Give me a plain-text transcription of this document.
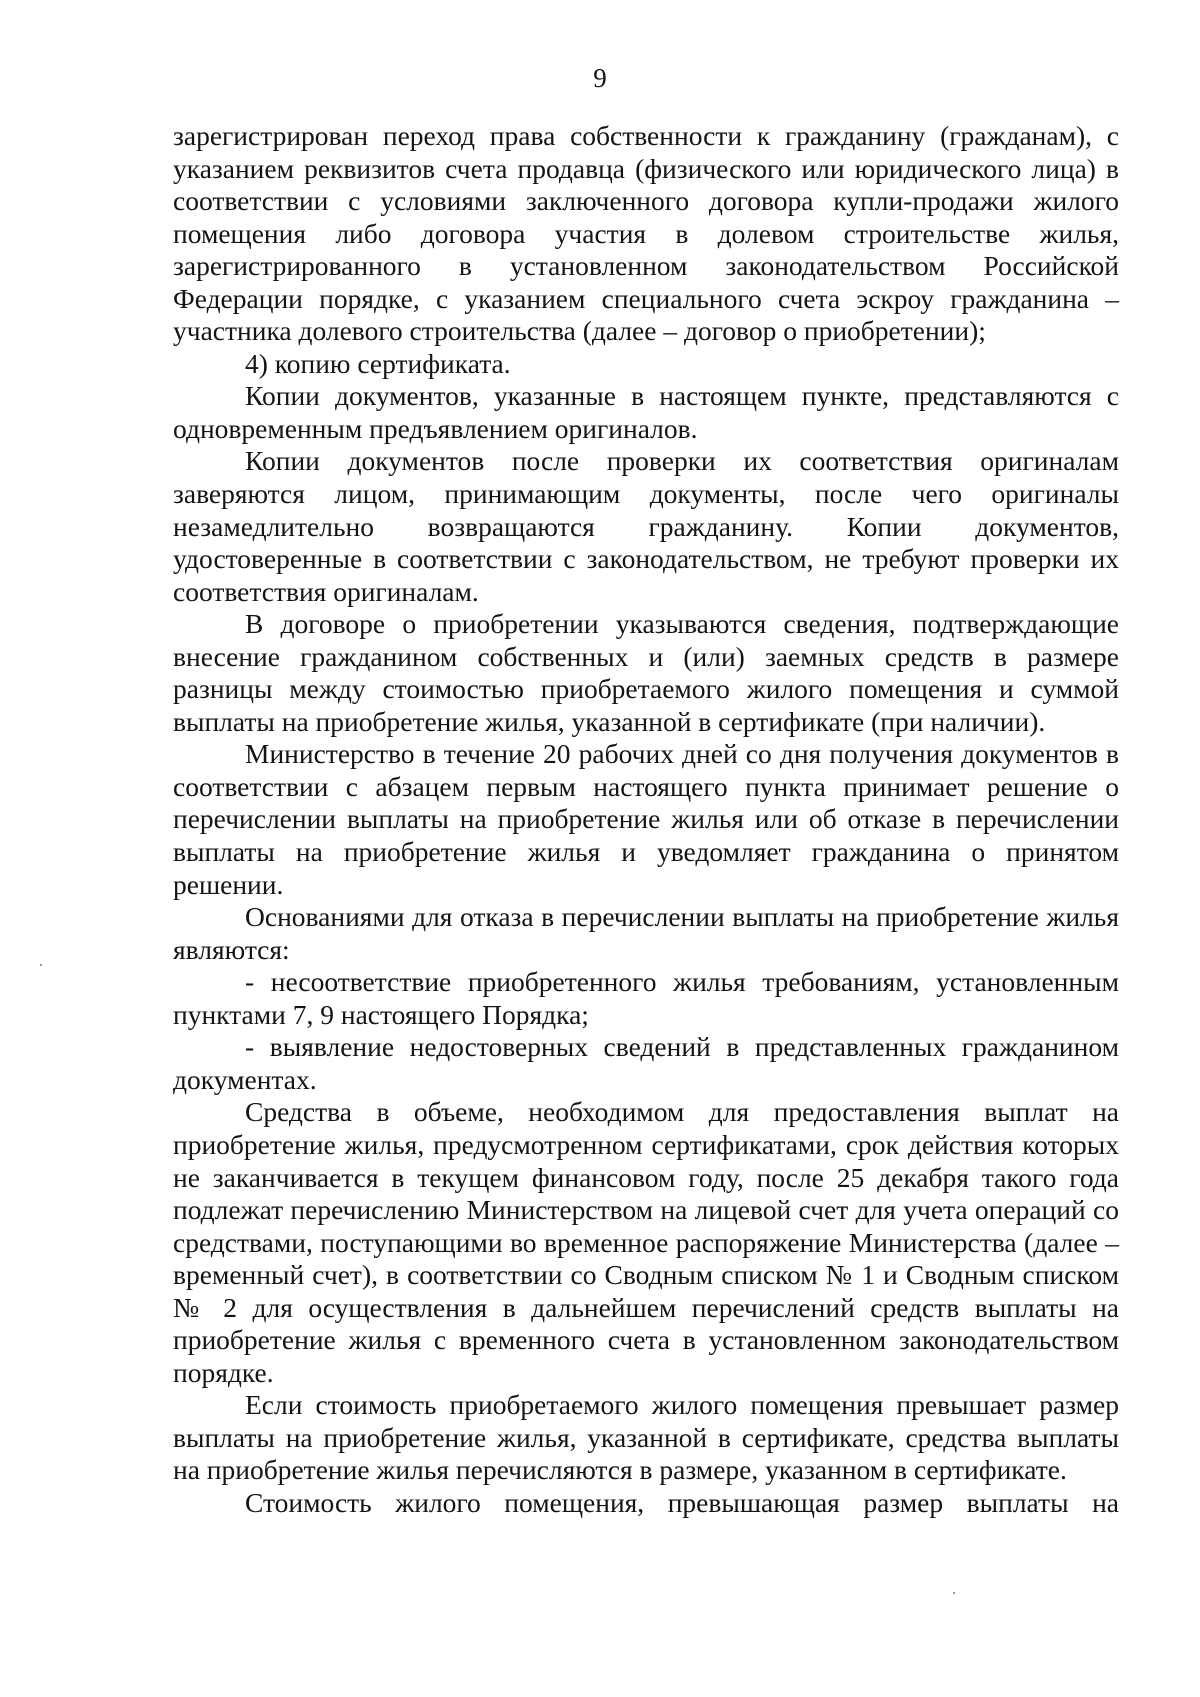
9

зарегистрирован переход права собственности к гражданину (гражданам), с указанием реквизитов счета продавца (физического или юридического лица) в соответствии с условиями заключенного договора купли-продажи жилого помещения либо договора участия в долевом строительстве жилья, зарегистрированного в установленном законодательством Российской Федерации порядке, с указанием специального счета эскроу гражданина – участника долевого строительства (далее – договор о приобретении);

4) копию сертификата.

Копии документов, указанные в настоящем пункте, представляются с одновременным предъявлением оригиналов.

Копии документов после проверки их соответствия оригиналам заверяются лицом, принимающим документы, после чего оригиналы незамедлительно возвращаются гражданину. Копии документов, удостоверенные в соответствии с законодательством, не требуют проверки их соответствия оригиналам.

В договоре о приобретении указываются сведения, подтверждающие внесение гражданином собственных и (или) заемных средств в размере разницы между стоимостью приобретаемого жилого помещения и суммой выплаты на приобретение жилья, указанной в сертификате (при наличии).

Министерство в течение 20 рабочих дней со дня получения документов в соответствии с абзацем первым настоящего пункта принимает решение о перечислении выплаты на приобретение жилья или об отказе в перечислении выплаты на приобретение жилья и уведомляет гражданина о принятом решении.

Основаниями для отказа в перечислении выплаты на приобретение жилья являются:

- несоответствие приобретенного жилья требованиям, установленным пунктами 7, 9 настоящего Порядка;

- выявление недостоверных сведений в представленных гражданином документах.

Средства в объеме, необходимом для предоставления выплат на приобретение жилья, предусмотренном сертификатами, срок действия которых не заканчивается в текущем финансовом году, после 25 декабря такого года подлежат перечислению Министерством на лицевой счет для учета операций со средствами, поступающими во временное распоряжение Министерства (далее – временный счет), в соответствии со Сводным списком № 1 и Сводным списком № 2 для осуществления в дальнейшем перечислений средств выплаты на приобретение жилья с временного счета в установленном законодательством порядке.

Если стоимость приобретаемого жилого помещения превышает размер выплаты на приобретение жилья, указанной в сертификате, средства выплаты на приобретение жилья перечисляются в размере, указанном в сертификате.

Стоимость жилого помещения, превышающая размер выплаты на
